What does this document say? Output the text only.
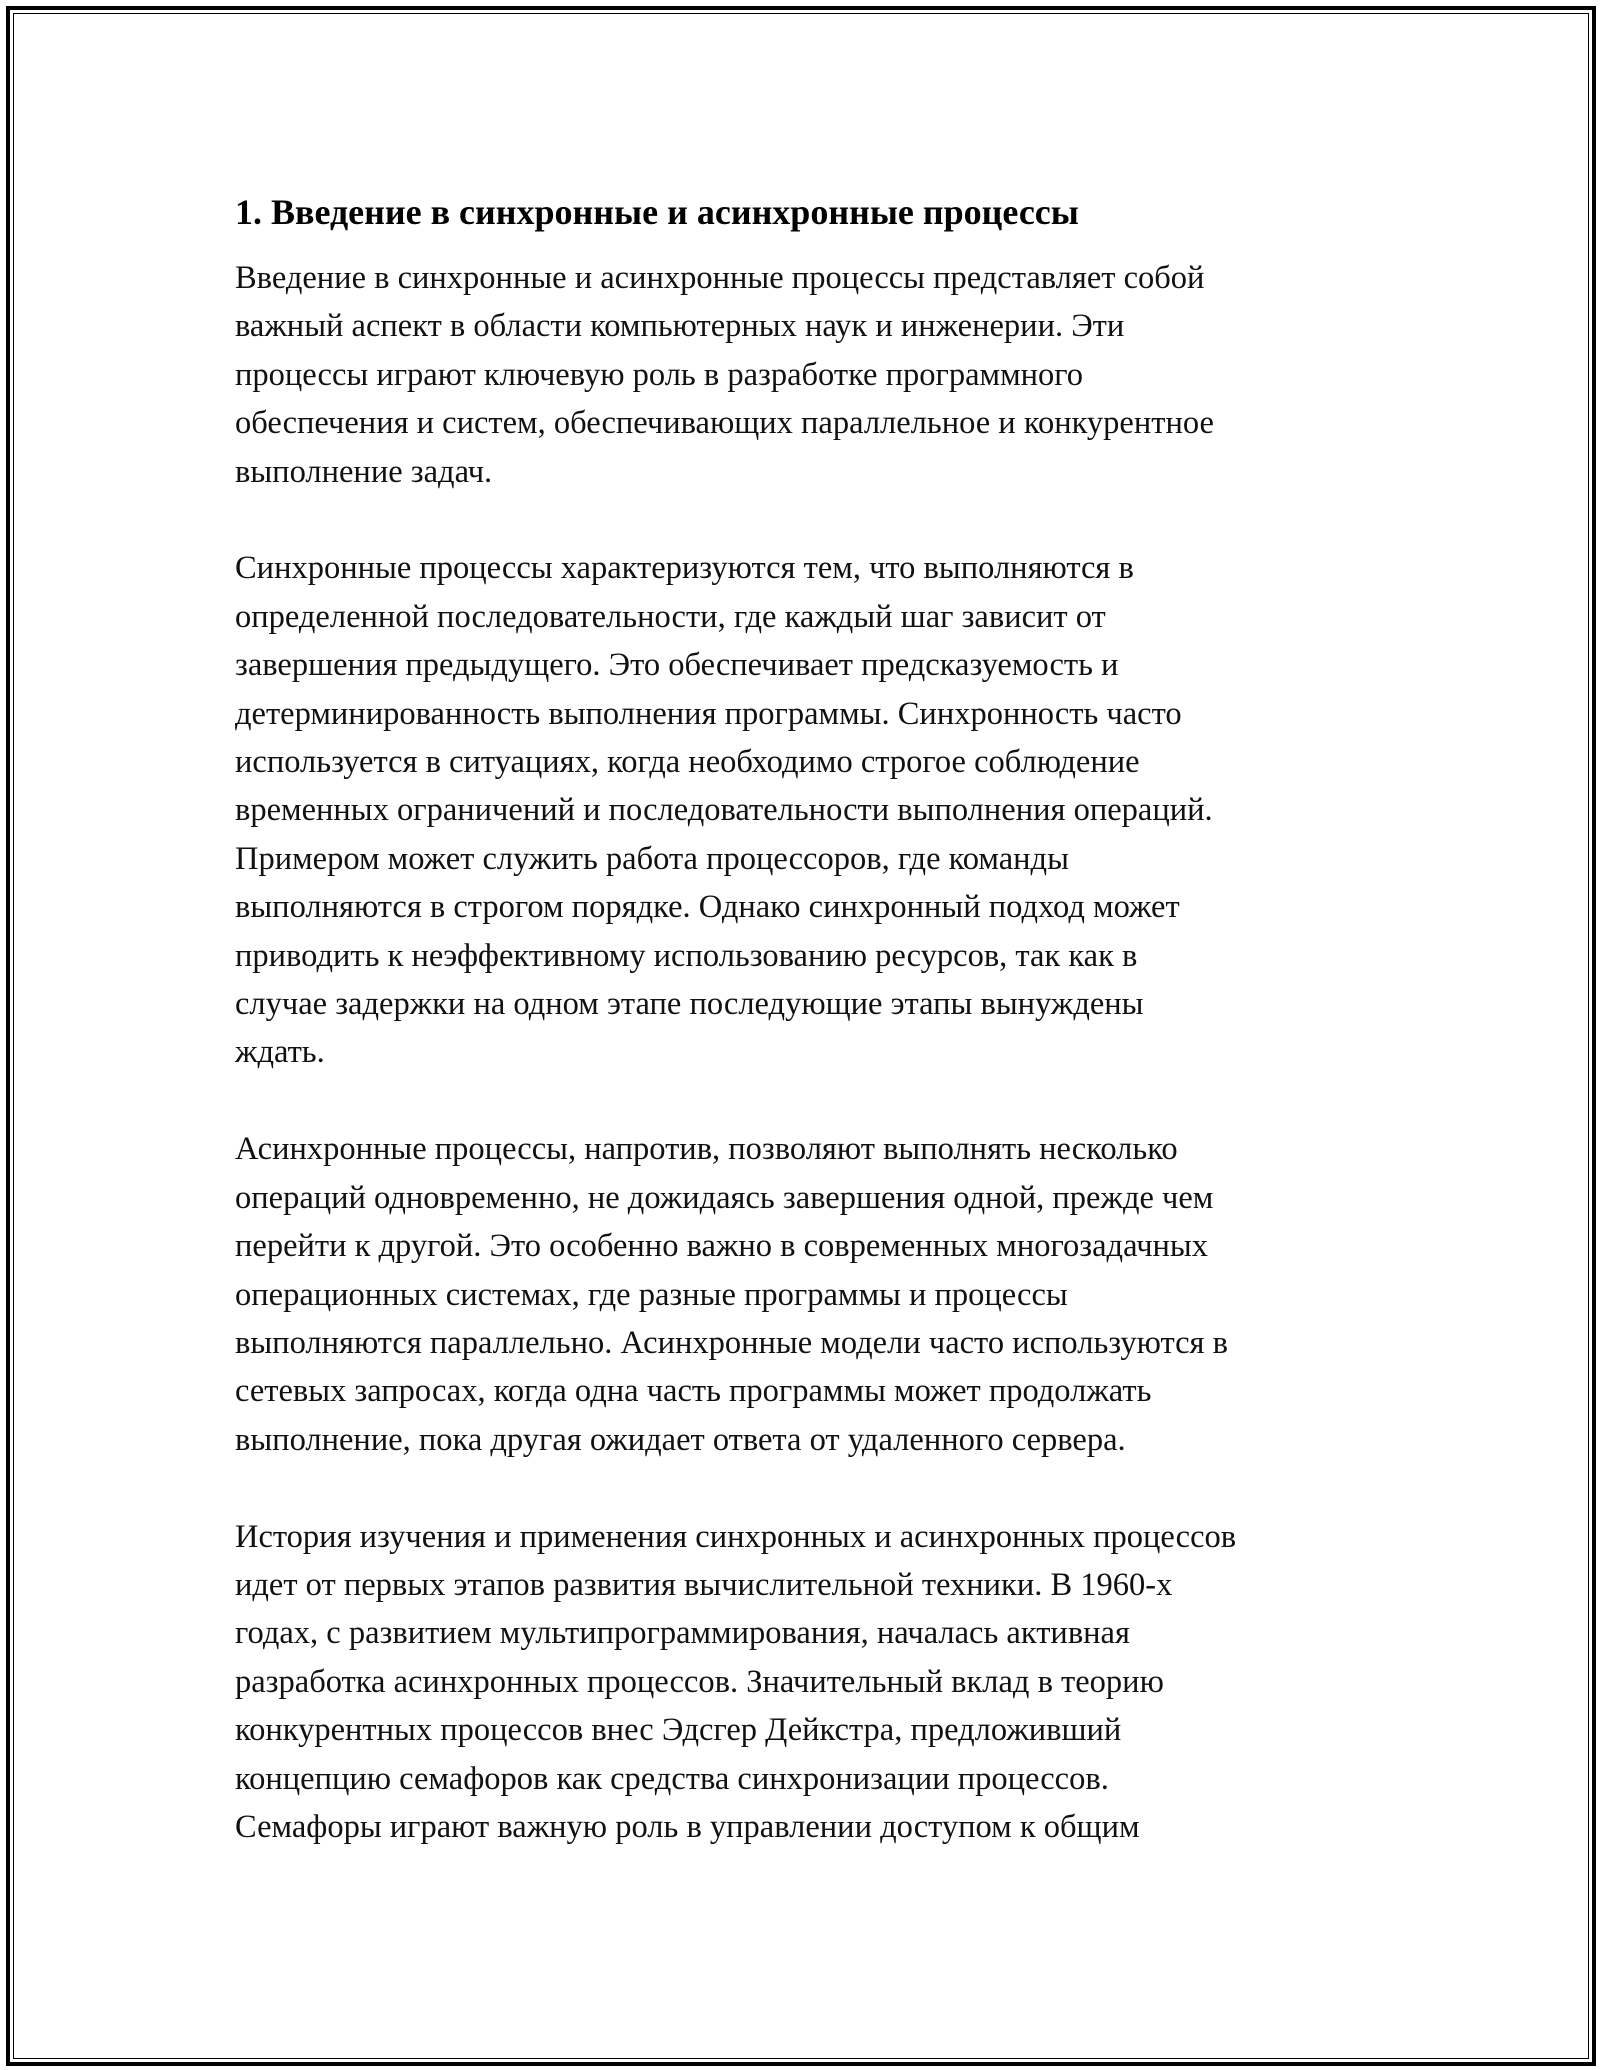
1. Введение в синхронные и асинхронные процессы

Введение в синхронные и асинхронные процессы представляет собой
важный аспект в области компьютерных наук и инженерии. Эти
процессы играют ключевую роль в разработке программного
обеспечения и систем, обеспечивающих параллельное и конкурентное
выполнение задач.

Синхронные процессы характеризуются тем, что выполняются в
определенной последовательности, где каждый шаг зависит от
завершения предыдущего. Это обеспечивает предсказуемость и
детерминированность выполнения программы. Синхронность часто
используется в ситуациях, когда необходимо строгое соблюдение
временных ограничений и последовательности выполнения операций.
Примером может служить работа процессоров, где команды
выполняются в строгом порядке. Однако синхронный подход может
приводить к неэффективному использованию ресурсов, так как в
случае задержки на одном этапе последующие этапы вынуждены
ждать.

Асинхронные процессы, напротив, позволяют выполнять несколько
операций одновременно, не дожидаясь завершения одной, прежде чем
перейти к другой. Это особенно важно в современных многозадачных
операционных системах, где разные программы и процессы
выполняются параллельно. Асинхронные модели часто используются в
сетевых запросах, когда одна часть программы может продолжать
выполнение, пока другая ожидает ответа от удаленного сервера.

История изучения и применения синхронных и асинхронных процессов
идет от первых этапов развития вычислительной техники. В 1960-х
годах, с развитием мультипрограммирования, началась активная
разработка асинхронных процессов. Значительный вклад в теорию
конкурентных процессов внес Эдсгер Дейкстра, предложивший
концепцию семафоров как средства синхронизации процессов.
Семафоры играют важную роль в управлении доступом к общим
